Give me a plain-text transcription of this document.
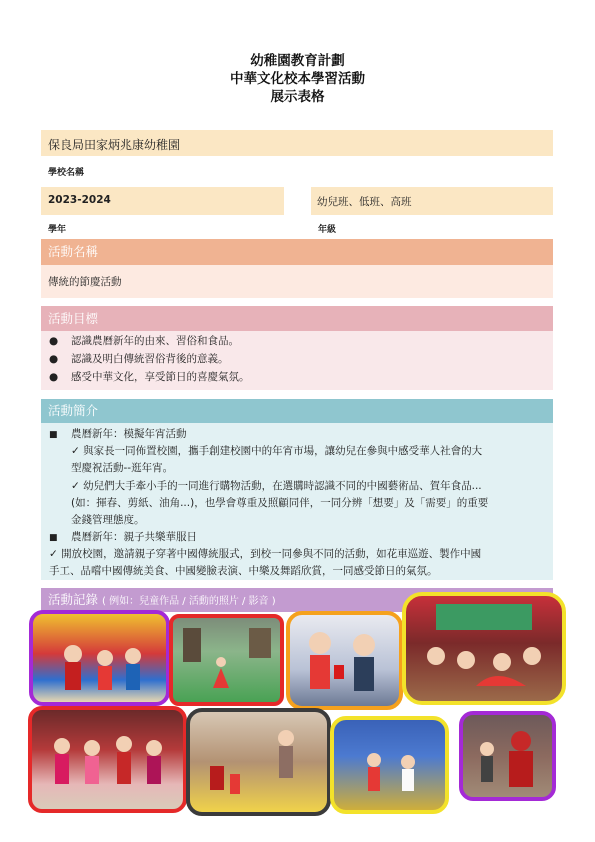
幼稚園教育計劃
中華文化校本學習活動
展示表格
保良局田家炳兆康幼稚園
學校名稱
2023-2024	幼兒班、低班、高班
學年	年級
活動名稱
傳統的節慶活動
活動目標
● 認識農曆新年的由來、習俗和食品。
● 認識及明白傳統習俗背後的意義。
● 感受中華文化，享受節日的喜慶氣氛。
活動簡介
■ 農曆新年：模擬年宵活動
✓ 與家長一同佈置校園，攜手創建校園中的年宵市場，讓幼兒在參與中感受華人社會的大
型慶祝活動--逛年宵。
✓ 幼兒們大手牽小手的一同進行購物活動，在選購時認識不同的中國藝術品、賀年食品...
(如：揮春、剪紙、油角...)，也學會尊重及照顧同伴，一同分辨「想要」及「需要」的重要
金錢管理態度。
■ 農曆新年：親子共樂華服日
✓ 開放校園，邀請親子穿著中國傳統服式，到校一同參與不同的活動，如花車巡遊、製作中國
手工、品嚐中國傳統美食、中國變臉表演、中樂及舞蹈欣賞，一同感受節日的氣氛。
活動記錄 ( 例如：兒童作品 / 活動的照片 / 影音 )
